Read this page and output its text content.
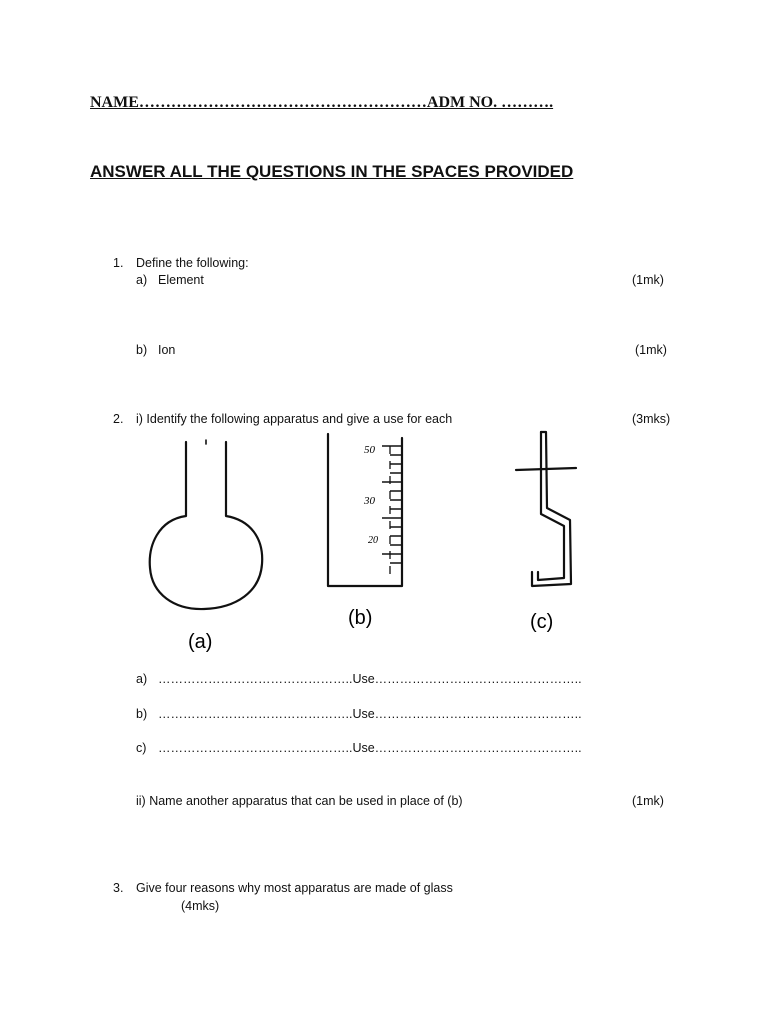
NAME………………………………………………ADM NO. ……….
ANSWER ALL THE QUESTIONS IN THE SPACES PROVIDED
1. Define the following:
a) Element	(1mk)
b) Ion	(1mk)
2. i) Identify the following apparatus and give a use for each	(3mks)
(a)
50
30
20
(b)	(c)
a) ………………………………………..Use…………………………………………..
b) ………………………………………..Use…………………………………………..
c) ………………………………………..Use…………………………………………..
ii) Name another apparatus that can be used in place of (b)	(1mk)
3. Give four reasons why most apparatus are made of glass
(4mks)
